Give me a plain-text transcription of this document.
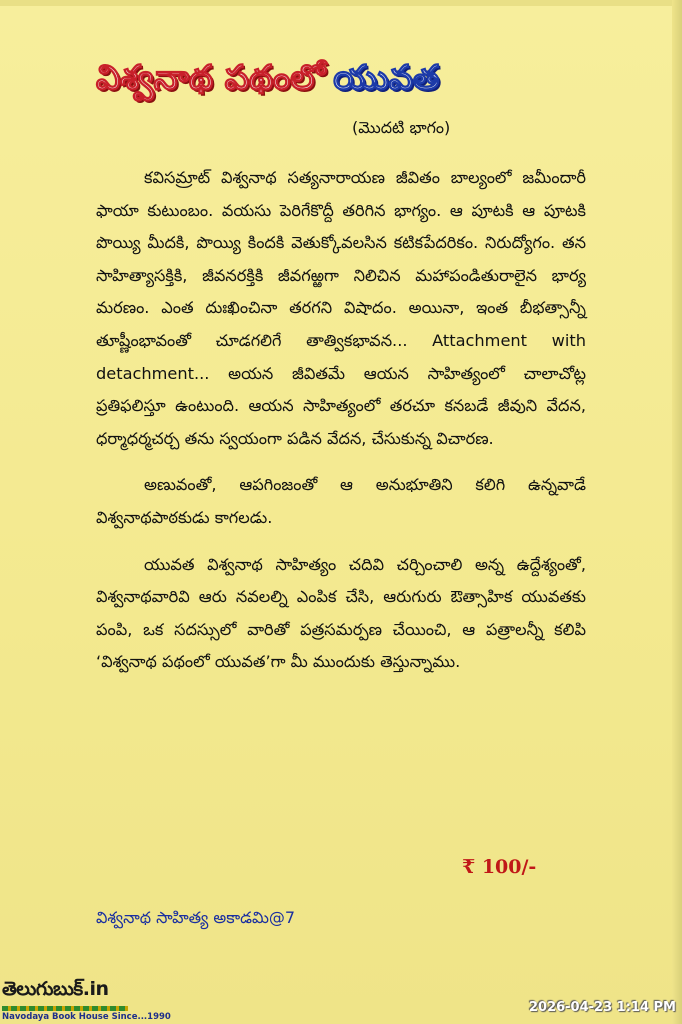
విశ్వనాథ పథంలో యువత
(మొదటి భాగం)

కవిసమ్రాట్ విశ్వనాథ సత్యనారాయణ జీవితం బాల్యంలో జమీందారీ ఫాయా కుటుంబం. వయసు పెరిగేకొద్దీ తరిగిన భాగ్యం. ఆ పూటకి ఆ పూటకి పొయ్యి మీదకి, పొయ్యి కిందకి వెతుక్కోవలసిన కటికపేదరికం. నిరుద్యోగం. తన సాహిత్యాసక్తికి, జీవనరక్తికి జీవగఱ్ఱగా నిలిచిన మహాపండితురాలైన భార్య మరణం. ఎంత దుఃఖించినా తరగని విషాదం. అయినా, ఇంత బీభత్సాన్నీ తూష్ణీంభావంతో చూడగలిగే తాత్వికభావన... Attachment with detachment... అయన జీవితమే ఆయన సాహిత్యంలో చాలాచోట్ల ప్రతిఫలిస్తూ ఉంటుంది. ఆయన సాహిత్యంలో తరచూ కనబడే జీవుని వేదన, ధర్మాధర్మచర్చ తను స్వయంగా పడిన వేదన, చేసుకున్న విచారణ.

అణువంతో, ఆపగింజంతో ఆ అనుభూతిని కలిగి ఉన్నవాడే విశ్వనాథపాఠకుడు కాగలడు.

యువత విశ్వనాథ సాహిత్యం చదివి చర్చించాలి అన్న ఉద్దేశ్యంతో, విశ్వనాథవారివి ఆరు నవలల్ని ఎంపిక చేసి, ఆరుగురు ఔత్సాహిక యువతకు పంపి, ఒక సదస్సులో వారితో పత్రసమర్పణ చేయించి, ఆ పత్రాలన్నీ కలిపి ‘విశ్వనాథ పథంలో యువత’గా మీ ముందుకు తెస్తున్నాము.

₹ 100/-
విశ్వనాథ సాహిత్య అకాడమి@7
తెలుగుబుక్.in
Navodaya Book House Since...1990
2026-04-23 1:14 PM
